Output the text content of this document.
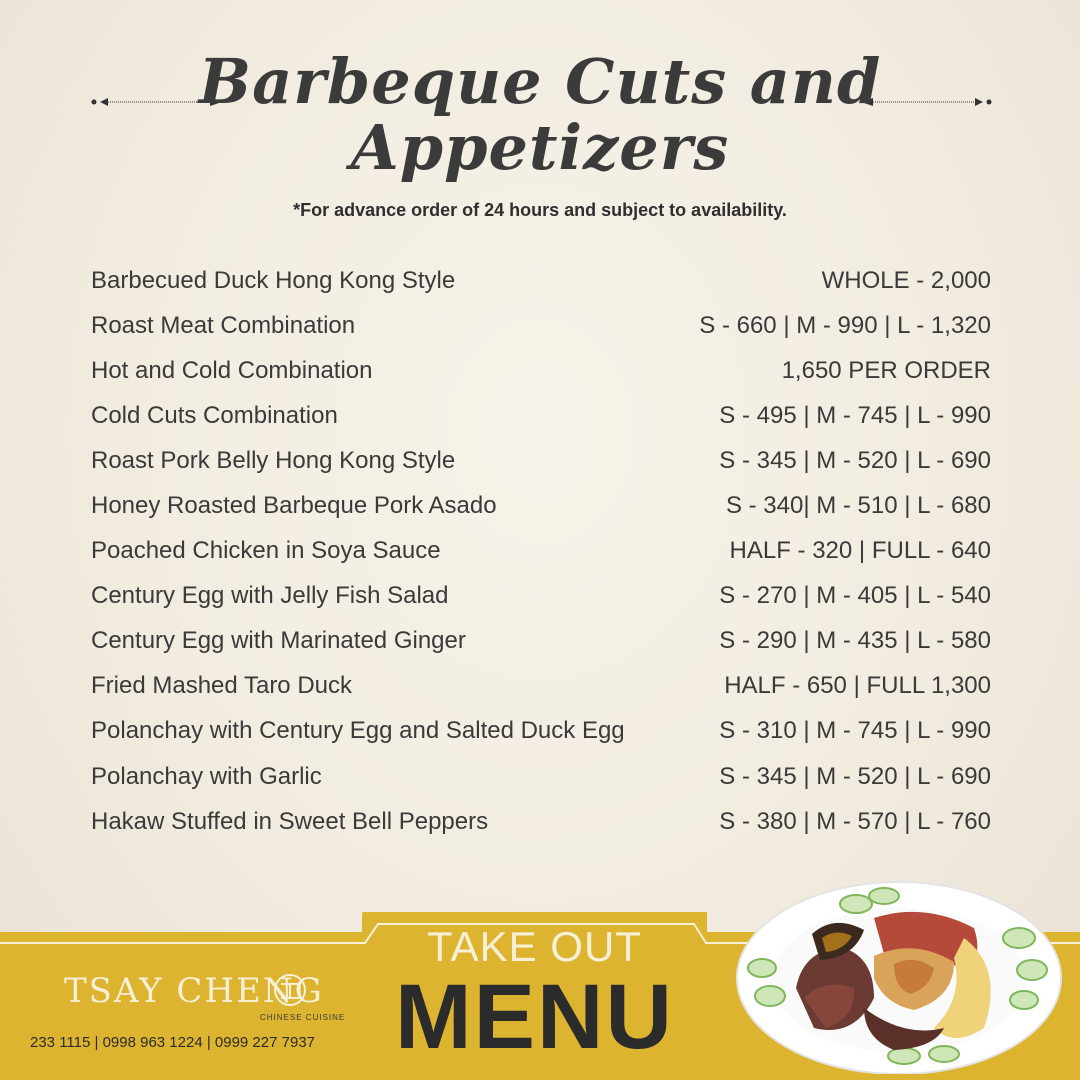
Barbeque Cuts and
Appetizers
*For advance order of 24 hours and subject to availability.
Barbecued Duck Hong Kong Style	WHOLE - 2,000
Roast Meat Combination	S - 660 | M - 990 | L - 1,320
Hot and Cold Combination	1,650 PER ORDER
Cold Cuts Combination	S - 495 | M - 745 | L - 990
Roast Pork Belly Hong Kong Style	S - 345 | M - 520 | L - 690
Honey Roasted Barbeque Pork Asado	S - 340| M - 510 | L - 680
Poached Chicken in Soya Sauce	HALF - 320 | FULL - 640
Century Egg with Jelly Fish Salad	S - 270 | M - 405 | L - 540
Century Egg with Marinated Ginger	S - 290 | M - 435 | L - 580
Fried Mashed Taro Duck	HALF - 650 | FULL 1,300
Polanchay with Century Egg and Salted Duck Egg	S - 310 | M - 745 | L - 990
Polanchay with Garlic	S - 345 | M - 520 | L - 690
Hakaw Stuffed in Sweet Bell Peppers	S - 380 | M - 570 | L - 760
TAKE OUT
MENU
TSAY CHENG
CHINESE CUISINE
233 1115 | 0998 963 1224 | 0999 227 7937
